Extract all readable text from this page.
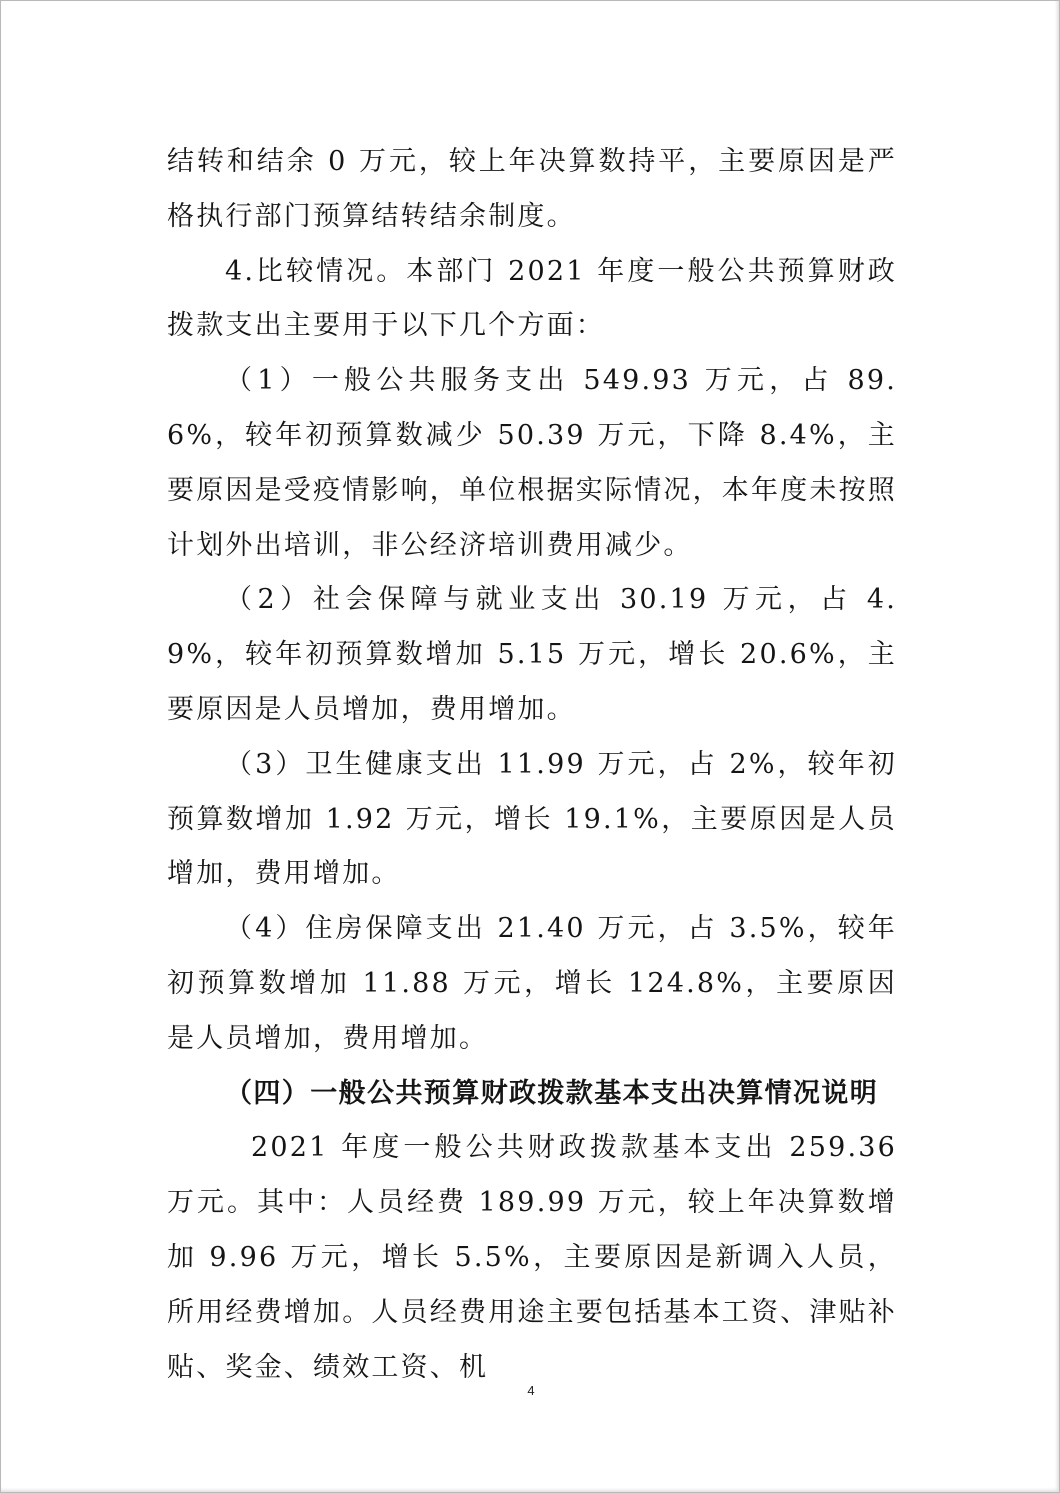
结转和结余 0 万元，较上年决算数持平，主要原因是严格执行部门预算结转结余制度。

4.比较情况。本部门 2021 年度一般公共预算财政拨款支出主要用于以下几个方面：

（1）一般公共服务支出 549.93 万元，占 89.6%，较年初预算数减少 50.39 万元，下降 8.4%，主要原因是受疫情影响，单位根据实际情况，本年度未按照计划外出培训，非公经济培训费用减少。

（2）社会保障与就业支出 30.19 万元，占 4.9%，较年初预算数增加 5.15 万元，增长 20.6%，主要原因是人员增加，费用增加。

（3）卫生健康支出 11.99 万元，占 2%，较年初预算数增加 1.92 万元，增长 19.1%，主要原因是人员增加，费用增加。

（4）住房保障支出 21.40 万元，占 3.5%，较年初预算数增加 11.88 万元，增长 124.8%，主要原因是人员增加，费用增加。

（四）一般公共预算财政拨款基本支出决算情况说明

2021 年度一般公共财政拨款基本支出 259.36 万元。其中：人员经费 189.99 万元，较上年决算数增加 9.96 万元，增长 5.5%，主要原因是新调入人员，所用经费增加。人员经费用途主要包括基本工资、津贴补贴、奖金、绩效工资、机

4
